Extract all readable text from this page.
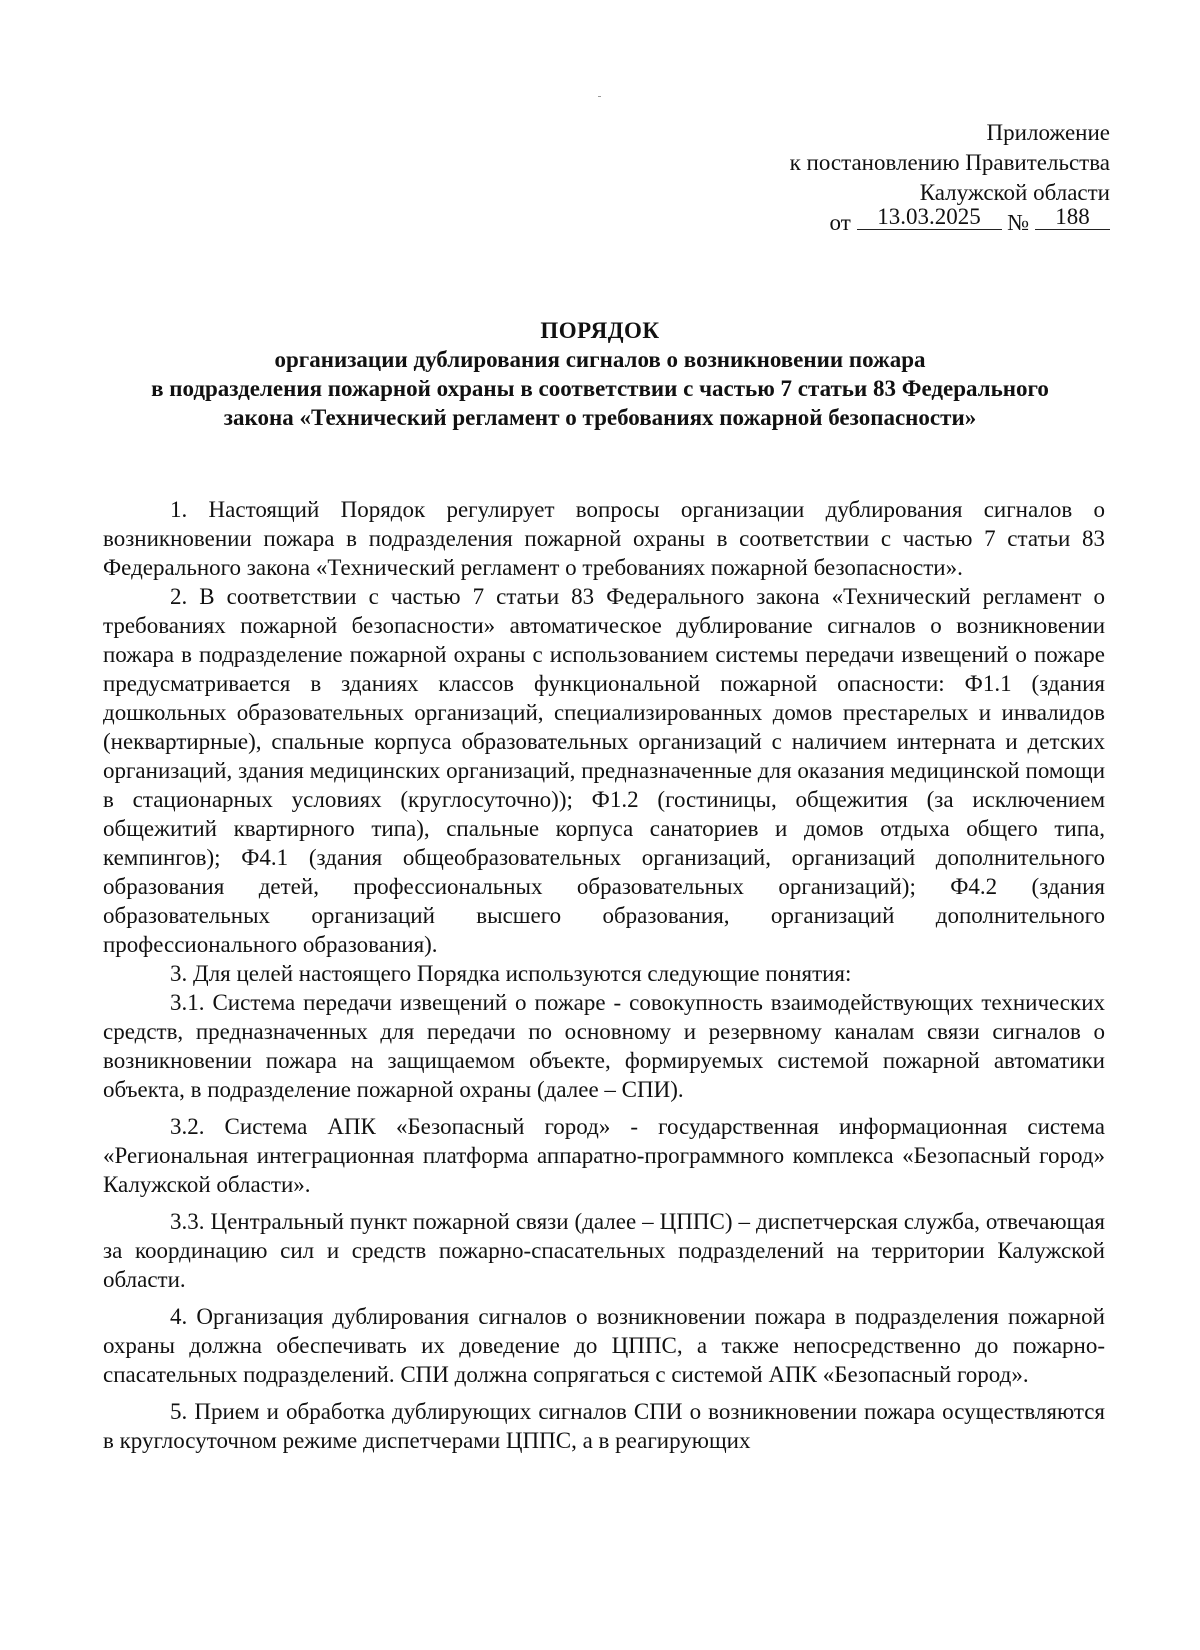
Приложение
к постановлению Правительства
Калужской области
от 13.03.2025 № 188
ПОРЯДОК
организации дублирования сигналов о возникновении пожара
в подразделения пожарной охраны в соответствии с частью 7 статьи 83 Федерального
закона «Технический регламент о требованиях пожарной безопасности»

1. Настоящий Порядок регулирует вопросы организации дублирования сигналов о возникновении пожара в подразделения пожарной охраны в соответствии с частью 7 статьи 83 Федерального закона «Технический регламент о требованиях пожарной безопасности».

2. В соответствии с частью 7 статьи 83 Федерального закона «Технический регламент о требованиях пожарной безопасности» автоматическое дублирование сигналов о возникновении пожара в подразделение пожарной охраны с использованием системы передачи извещений о пожаре предусматривается в зданиях классов функциональной пожарной опасности: Ф1.1 (здания дошкольных образовательных организаций, специализированных домов престарелых и инвалидов (неквартирные), спальные корпуса образовательных организаций с наличием интерната и детских организаций, здания медицинских организаций, предназначенные для оказания медицинской помощи в стационарных условиях (круглосуточно)); Ф1.2 (гостиницы, общежития (за исключением общежитий квартирного типа), спальные корпуса санаториев и домов отдыха общего типа, кемпингов); Ф4.1 (здания общеобразовательных организаций, организаций дополнительного образования детей, профессиональных образовательных организаций); Ф4.2 (здания образовательных организаций высшего образования, организаций дополнительного профессионального образования).

3. Для целей настоящего Порядка используются следующие понятия:

3.1. Система передачи извещений о пожаре - совокупность взаимодействующих технических средств, предназначенных для передачи по основному и резервному каналам связи сигналов о возникновении пожара на защищаемом объекте, формируемых системой пожарной автоматики объекта, в подразделение пожарной охраны (далее – СПИ).

3.2. Система АПК «Безопасный город» - государственная информационная система «Региональная интеграционная платформа аппаратно-программного комплекса «Безопасный город» Калужской области».

3.3. Центральный пункт пожарной связи (далее – ЦППС) – диспетчерская служба, отвечающая за координацию сил и средств пожарно-спасательных подразделений на территории Калужской области.

4. Организация дублирования сигналов о возникновении пожара в подразделения пожарной охраны должна обеспечивать их доведение до ЦППС, а также непосредственно до пожарно-спасательных подразделений. СПИ должна сопрягаться с системой АПК «Безопасный город».

5. Прием и обработка дублирующих сигналов СПИ о возникновении пожара осуществляются в круглосуточном режиме диспетчерами ЦППС, а в реагирующих
